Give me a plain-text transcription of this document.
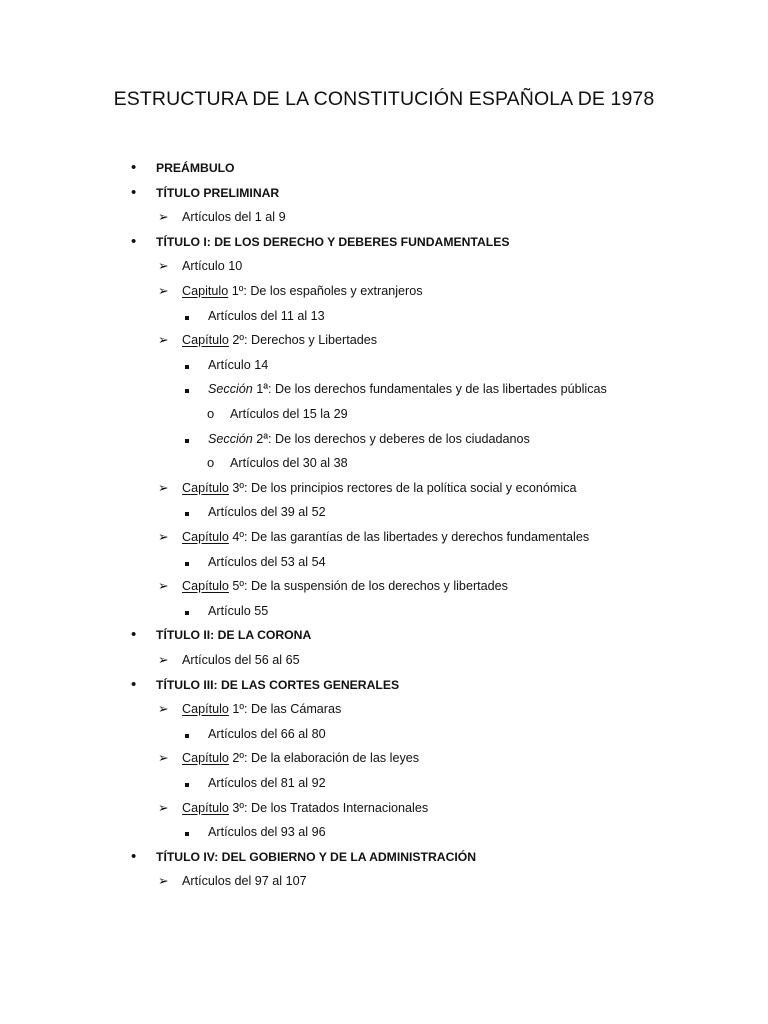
ESTRUCTURA DE LA CONSTITUCIÓN ESPAÑOLA DE 1978
•	PREÁMBULO
•	TÍTULO PRELIMINAR
➢ Artículos del 1 al 9
•	TÍTULO I: DE LOS DERECHO Y DEBERES FUNDAMENTALES
➢ Artículo 10
➢ Capitulo 1º: De los españoles y extranjeros
Artículos del 11 al 13
➢ Capítulo 2º: Derechos y Libertades
Artículo 14
Sección 1ª: De los derechos fundamentales y de las libertades públicas
o Artículos del 15 la 29
Sección 2ª: De los derechos y deberes de los ciudadanos
o Artículos del 30 al 38
➢ Capítulo 3º: De los principios rectores de la política social y económica
Artículos del 39 al 52
➢ Capítulo 4º: De las garantías de las libertades y derechos fundamentales
Artículos del 53 al 54
➢ Capítulo 5º: De la suspensión de los derechos y libertades
Artículo 55
•	TÍTULO II: DE LA CORONA
➢ Artículos del 56 al 65
•	TÍTULO III: DE LAS CORTES GENERALES
➢ Capítulo 1º: De las Cámaras
Artículos del 66 al 80
➢ Capítulo 2º: De la elaboración de las leyes
Artículos del 81 al 92
➢ Capítulo 3º: De los Tratados Internacionales
Artículos del 93 al 96
•	TÍTULO IV: DEL GOBIERNO Y DE LA ADMINISTRACIÓN
➢ Artículos del 97 al 107
